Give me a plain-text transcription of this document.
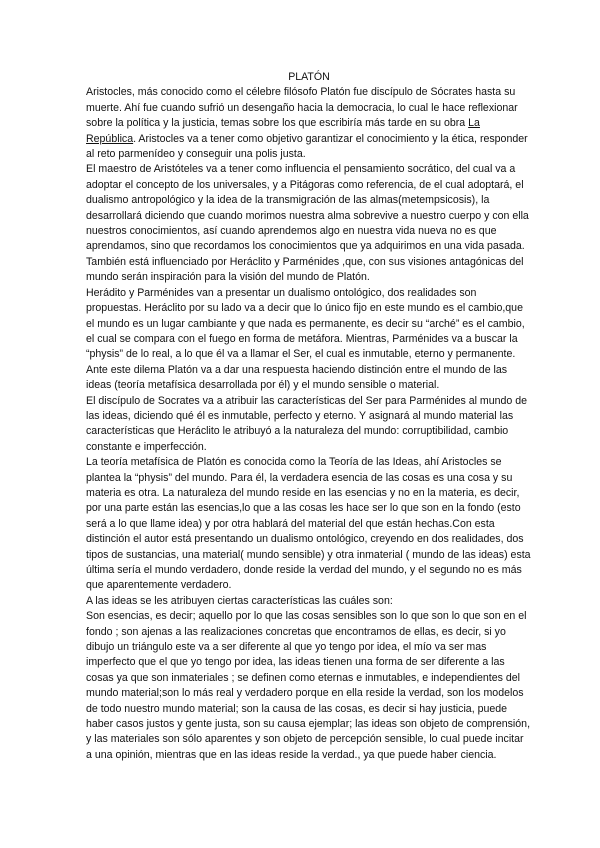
PLATÓN

Aristocles, más conocido como el célebre filósofo Platón fue discípulo de Sócrates hasta su muerte. Ahí fue cuando sufrió un desengaño hacia la democracia, lo cual le hace reflexionar sobre la política y la justicia, temas sobre los que escribiría más tarde en su obra La República. Aristocles va a tener como objetivo garantizar el conocimiento y la ética, responder al reto parmenídeo y conseguir una polis justa.

El maestro de Aristóteles va a tener como influencia el pensamiento socrático, del cual va a adoptar el concepto de los universales, y a Pitágoras como referencia, de el cual adoptará, el dualismo antropológico y la idea de la transmigración de las almas(metempsicosis), la desarrollará diciendo que cuando morimos nuestra alma sobrevive a nuestro cuerpo y con ella nuestros conocimientos, así cuando aprendemos algo en nuestra vida nueva no es que aprendamos, sino que recordamos los conocimientos que ya adquirimos en una vida pasada. También está influenciado por Heráclito y Parménides ,que, con sus visiones antagónicas del mundo serán inspiración para la visión del mundo de Platón.

Herádito y Parménides van a presentar un dualismo ontológico, dos realidades son propuestas. Heráclito por su lado va a decir que lo único fijo en este mundo es el cambio,que el mundo es un lugar cambiante y que nada es permanente, es decir su “arché” es el cambio, el cual se compara con el fuego en forma de metáfora. Mientras, Parménides va a buscar la “physis” de lo real, a lo que él va a llamar el Ser, el cual es inmutable, eterno y permanente. Ante este dilema Platón va a dar una respuesta haciendo distinción entre el mundo de las ideas (teoría metafísica desarrollada por él) y el mundo sensible o material.

El discípulo de Socrates va a atribuir las características del Ser para Parménides al mundo de las ideas, diciendo qué él es inmutable, perfecto y eterno. Y asignará al mundo material las características que Heráclito le atribuyó a la naturaleza del mundo: corruptibilidad, cambio constante e imperfección.

La teoría metafísica de Platón es conocida como la Teoría de las Ideas, ahí Aristocles se plantea la “physis” del mundo. Para él, la verdadera esencia de las cosas es una cosa y su materia es otra. La naturaleza del mundo reside en las esencias y no en la materia, es decir, por una parte están las esencias,lo que a las cosas les hace ser lo que son en la fondo (esto será a lo que llame idea) y por otra hablará del material del que están hechas.Con esta distinción el autor está presentando un dualismo ontológico, creyendo en dos realidades, dos tipos de sustancias, una material( mundo sensible) y otra inmaterial ( mundo de las ideas) esta última sería el mundo verdadero, donde reside la verdad del mundo, y el segundo no es más que aparentemente verdadero.

A las ideas se les atribuyen ciertas características las cuáles son:

Son esencias, es decir; aquello por lo que las cosas sensibles son lo que son lo que son en el fondo ; son ajenas a las realizaciones concretas que encontramos de ellas, es decir, si yo dibujo un triángulo este va a ser diferente al que yo tengo por idea, el mío va ser mas imperfecto que el que yo tengo por idea, las ideas tienen una forma de ser diferente a las cosas ya que son inmateriales ; se definen como eternas e inmutables, e independientes del mundo material;son lo más real y verdadero porque en ella reside la verdad, son los modelos de todo nuestro mundo material; son la causa de las cosas, es decir si hay justicia, puede haber casos justos y gente justa, son su causa ejemplar; las ideas son objeto de comprensión, y las materiales son sólo aparentes y son objeto de percepción sensible, lo cual puede incitar a una opinión, mientras que en las ideas reside la verdad., ya que puede haber ciencia.
